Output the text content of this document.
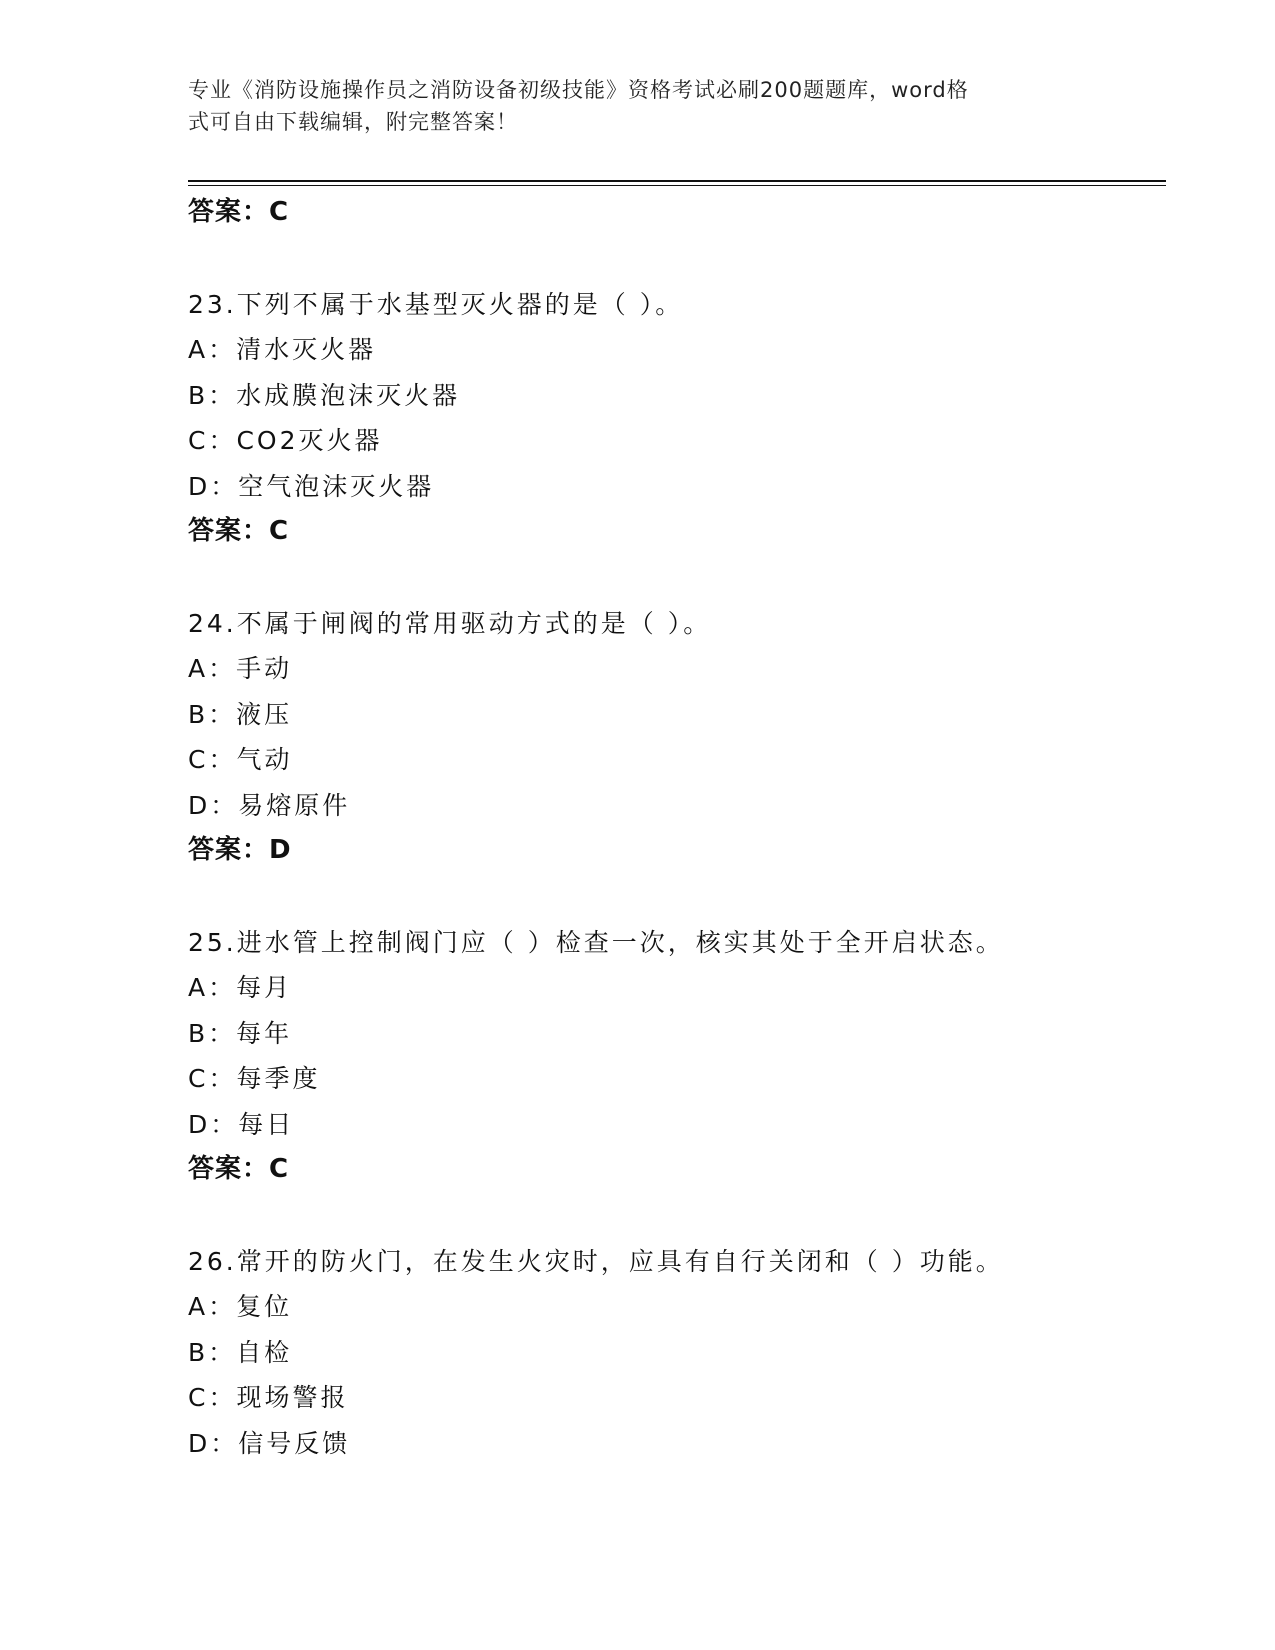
专业《消防设施操作员之消防设备初级技能》资格考试必刷200题题库，word格
式可自由下载编辑，附完整答案！
答案：C
23.下列不属于水基型灭火器的是（ ）。
A：清水灭火器
B：水成膜泡沫灭火器
C：CO2灭火器
D：空气泡沫灭火器
答案：C
24.不属于闸阀的常用驱动方式的是（ ）。
A：手动
B：液压
C：气动
D：易熔原件
答案：D
25.进水管上控制阀门应（ ）检查一次，核实其处于全开启状态。
A：每月
B：每年
C：每季度
D：每日
答案：C
26.常开的防火门，在发生火灾时，应具有自行关闭和（ ）功能。
A：复位
B：自检
C：现场警报
D：信号反馈
